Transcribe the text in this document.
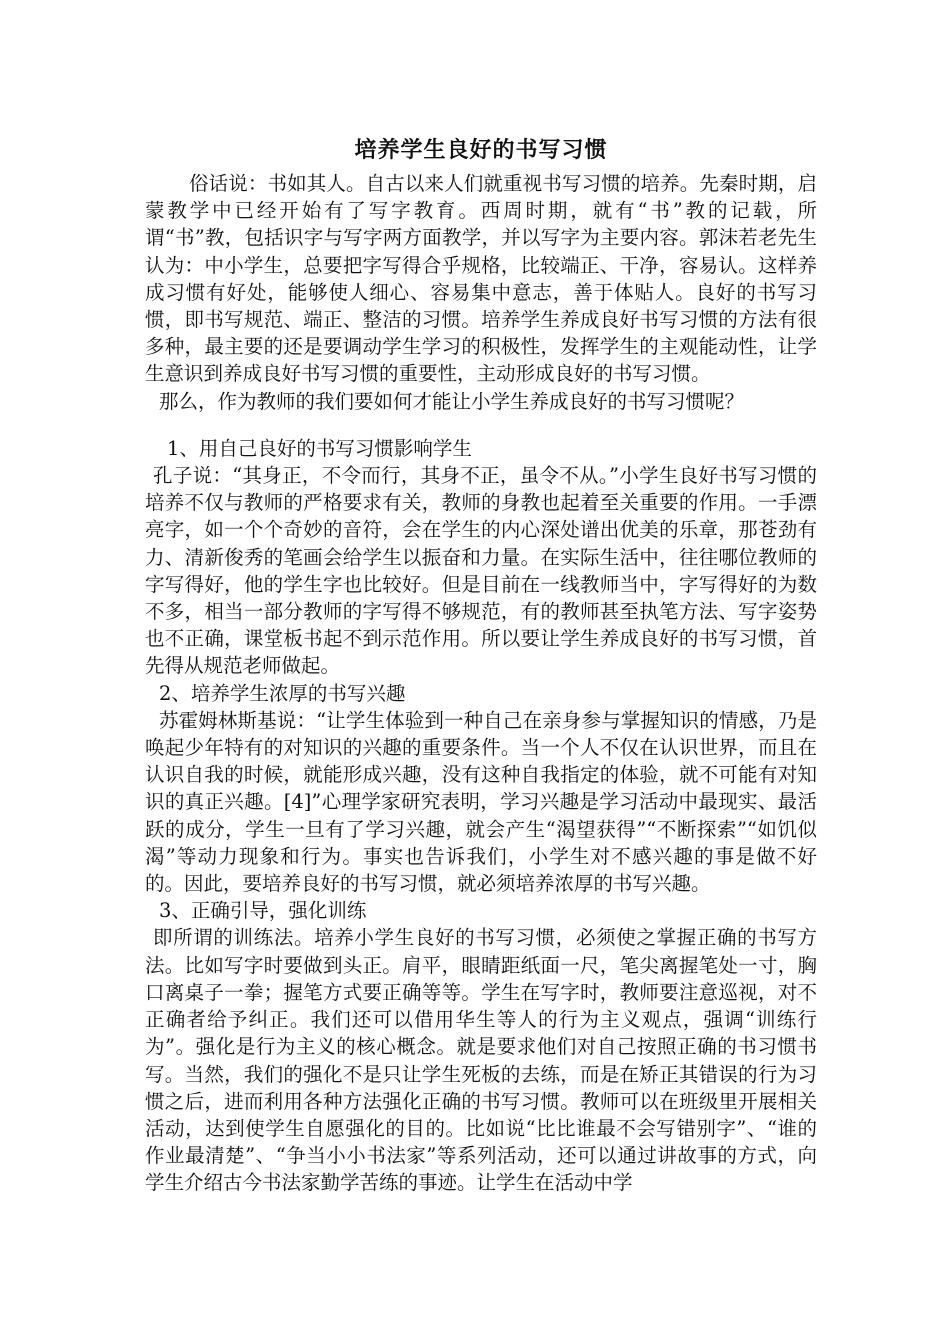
培养学生良好的书写习惯

俗话说：书如其人。自古以来人们就重视书写习惯的培养。先秦时期，启蒙教学中已经开始有了写字教育。西周时期，就有“书”教的记载，所谓“书”教，包括识字与写字两方面教学，并以写字为主要内容。郭沫若老先生认为：中小学生，总要把字写得合乎规格，比较端正、干净，容易认。这样养成习惯有好处，能够使人细心、容易集中意志，善于体贴人。良好的书写习惯，即书写规范、端正、整洁的习惯。培养学生养成良好书写习惯的方法有很多种，最主要的还是要调动学生学习的积极性，发挥学生的主观能动性，让学生意识到养成良好书写习惯的重要性，主动形成良好的书写习惯。

那么，作为教师的我们要如何才能让小学生养成良好的书写习惯呢？

1、用自己良好的书写习惯影响学生

孔子说：“其身正，不令而行，其身不正，虽令不从。”小学生良好书写习惯的培养不仅与教师的严格要求有关，教师的身教也起着至关重要的作用。一手漂亮字，如一个个奇妙的音符，会在学生的内心深处谱出优美的乐章，那苍劲有力、清新俊秀的笔画会给学生以振奋和力量。在实际生活中，往往哪位教师的字写得好，他的学生字也比较好。但是目前在一线教师当中，字写得好的为数不多，相当一部分教师的字写得不够规范，有的教师甚至执笔方法、写字姿势也不正确，课堂板书起不到示范作用。所以要让学生养成良好的书写习惯，首先得从规范老师做起。

2、培养学生浓厚的书写兴趣

苏霍姆林斯基说：“让学生体验到一种自己在亲身参与掌握知识的情感，乃是唤起少年特有的对知识的兴趣的重要条件。当一个人不仅在认识世界，而且在认识自我的时候，就能形成兴趣，没有这种自我指定的体验，就不可能有对知识的真正兴趣。[4]”心理学家研究表明，学习兴趣是学习活动中最现实、最活跃的成分，学生一旦有了学习兴趣，就会产生“渴望获得”“不断探索”“如饥似渴”等动力现象和行为。事实也告诉我们，小学生对不感兴趣的事是做不好的。因此，要培养良好的书写习惯，就必须培养浓厚的书写兴趣。

3、正确引导，强化训练

即所谓的训练法。培养小学生良好的书写习惯，必须使之掌握正确的书写方法。比如写字时要做到头正。肩平，眼睛距纸面一尺，笔尖离握笔处一寸，胸口离桌子一拳；握笔方式要正确等等。学生在写字时，教师要注意巡视，对不正确者给予纠正。我们还可以借用华生等人的行为主义观点，强调“训练行为”。强化是行为主义的核心概念。就是要求他们对自己按照正确的书习惯书写。当然，我们的强化不是只让学生死板的去练，而是在矫正其错误的行为习惯之后，进而利用各种方法强化正确的书写习惯。教师可以在班级里开展相关活动，达到使学生自愿强化的目的。比如说“比比谁最不会写错别字”、“谁的作业最清楚”、“争当小小书法家”等系列活动，还可以通过讲故事的方式，向学生介绍古今书法家勤学苦练的事迹。让学生在活动中学
